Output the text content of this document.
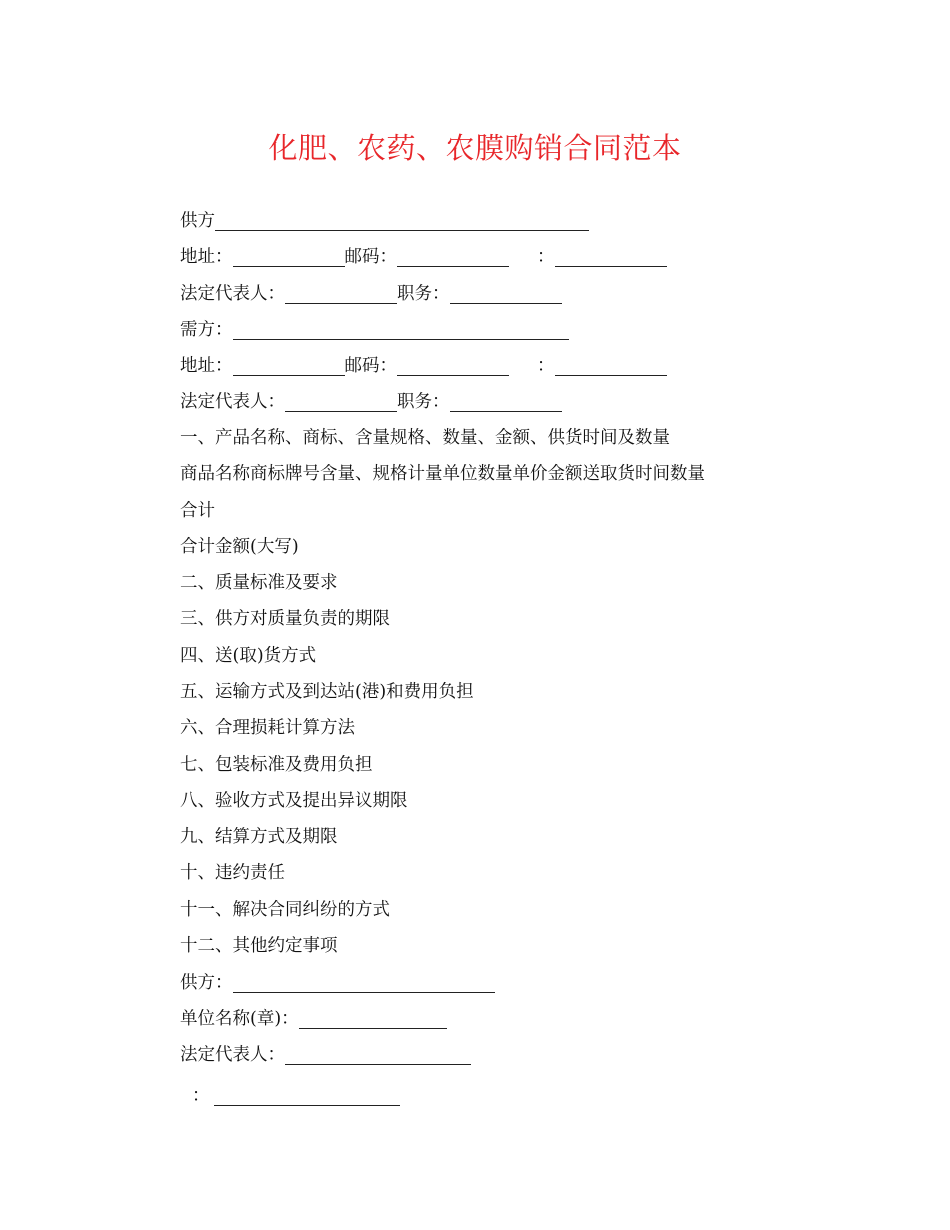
化肥、农药、农膜购销合同范本
供方
地址：	邮码：	：
法定代表人：	职务：
需方：
地址：	邮码：	：
法定代表人：	职务：
一、产品名称、商标、含量规格、数量、金额、供货时间及数量
商品名称商标牌号含量、规格计量单位数量单价金额送取货时间数量
合计
合计金额(大写)
二、质量标准及要求
三、供方对质量负责的期限
四、送(取)货方式
五、运输方式及到达站(港)和费用负担
六、合理损耗计算方法
七、包装标准及费用负担
八、验收方式及提出异议期限
九、结算方式及期限
十、违约责任
十一、解决合同纠纷的方式
十二、其他约定事项
供方：
单位名称(章)：
法定代表人：
：
